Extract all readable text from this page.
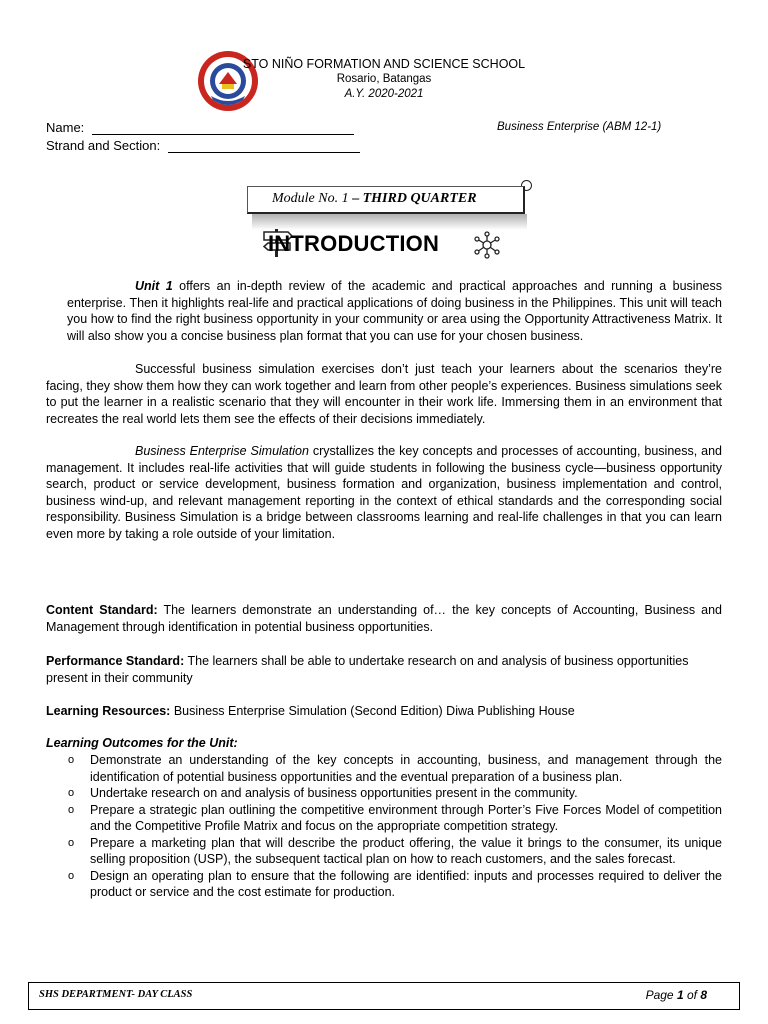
STO NIÑO FORMATION AND SCIENCE SCHOOL
Rosario, Batangas
A.Y. 2020-2021
Name:
Strand and Section:
Business Enterprise (ABM 12-1)
Module No. 1 – THIRD QUARTER
INTRODUCTION
Unit 1 offers an in-depth review of the academic and practical approaches and running a business enterprise. Then it highlights real-life and practical applications of doing business in the Philippines. This unit will teach you how to find the right business opportunity in your community or area using the Opportunity Attractiveness Matrix. It will also show you a concise business plan format that you can use for your chosen business.
Successful business simulation exercises don’t just teach your learners about the scenarios they’re facing, they show them how they can work together and learn from other people’s experiences. Business simulations seek to put the learner in a realistic scenario that they will encounter in their work life. Immersing them in an environment that recreates the real world lets them see the effects of their decisions immediately.
Business Enterprise Simulation crystallizes the key concepts and processes of accounting, business, and management. It includes real-life activities that will guide students in following the business cycle—business opportunity search, product or service development, business formation and organization, business implementation and control, business wind-up, and relevant management reporting in the context of ethical standards and the corresponding social responsibility. Business Simulation is a bridge between classrooms learning and real-life challenges in that you can learn even more by taking a role outside of your limitation.
Content Standard: The learners demonstrate an understanding of… the key concepts of Accounting, Business and Management through identification in potential business opportunities.
Performance Standard: The learners shall be able to undertake research on and analysis of business opportunities present in their community
Learning Resources: Business Enterprise Simulation (Second Edition) Diwa Publishing House
Learning Outcomes for the Unit:
o Demonstrate an understanding of the key concepts in accounting, business, and management through the identification of potential business opportunities and the eventual preparation of a business plan.
o Undertake research on and analysis of business opportunities present in the community.
o Prepare a strategic plan outlining the competitive environment through Porter’s Five Forces Model of competition and the Competitive Profile Matrix and focus on the appropriate competition strategy.
o Prepare a marketing plan that will describe the product offering, the value it brings to the consumer, its unique selling proposition (USP), the subsequent tactical plan on how to reach customers, and the sales forecast.
o Design an operating plan to ensure that the following are identified: inputs and processes required to deliver the product or service and the cost estimate for production.
SHS DEPARTMENT- DAY CLASS	Page 1 of 8
